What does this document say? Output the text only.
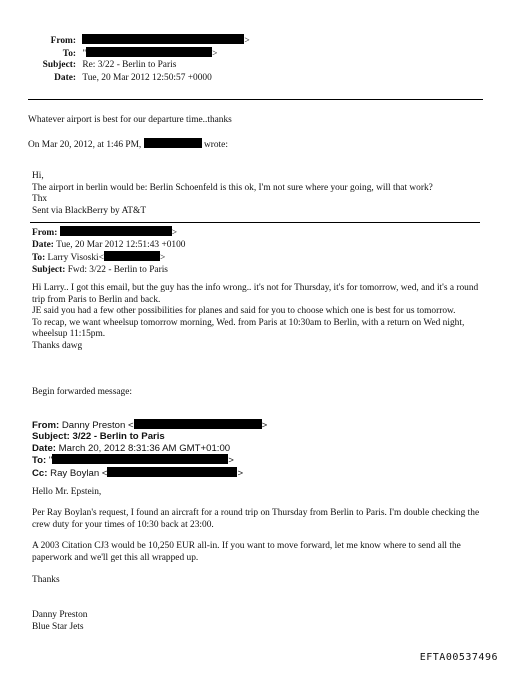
From:	>
To: "	>
Subject: Re: 3/22 - Berlin to Paris
Date: Tue, 20 Mar 2012 12:50:57 +0000
Whatever airport is best for our departure time..thanks
On Mar 20, 2012, at 1:46 PM,	wrote:

Hi,

The airport in berlin would be: Berlin Schoenfeld is this ok, I'm not sure where your going, will that work?

Thx

Sent via BlackBerry by AT&T

From:	>
Date: Tue, 20 Mar 2012 12:51:43 +0100
To: Larry Visoski<	>
Subject: Fwd: 3/22 - Berlin to Paris

Hi Larry.. I got this email, but the guy has the info wrong.. it's not for Thursday, it's for tomorrow, wed, and it's a round trip from Paris to Berlin and back.

JE said you had a few other possibilities for planes and said for you to choose which one is best for us tomorrow.

To recap, we want wheelsup tomorrow morning, Wed. from Paris at 10:30am to Berlin, with a return on Wed night, wheelsup 11:15pm.

Thanks dawg

Begin forwarded message:
From: Danny Preston <	>
Subject: 3/22 - Berlin to Paris
Date: March 20, 2012 8:31:36 AM GMT+01:00
To: "	>
Cc: Ray Boylan <	>
Hello Mr. Epstein,
Per Ray Boylan's request, I found an aircraft for a round trip on Thursday from Berlin to Paris. I'm double checking the crew duty for your times of 10:30 back at 23:00.
A 2003 Citation CJ3 would be 10,250 EUR all-in. If you want to move forward, let me know where to send all the paperwork and we'll get this all wrapped up.
Thanks
Danny Preston
Blue Star Jets
EFTA00537496
